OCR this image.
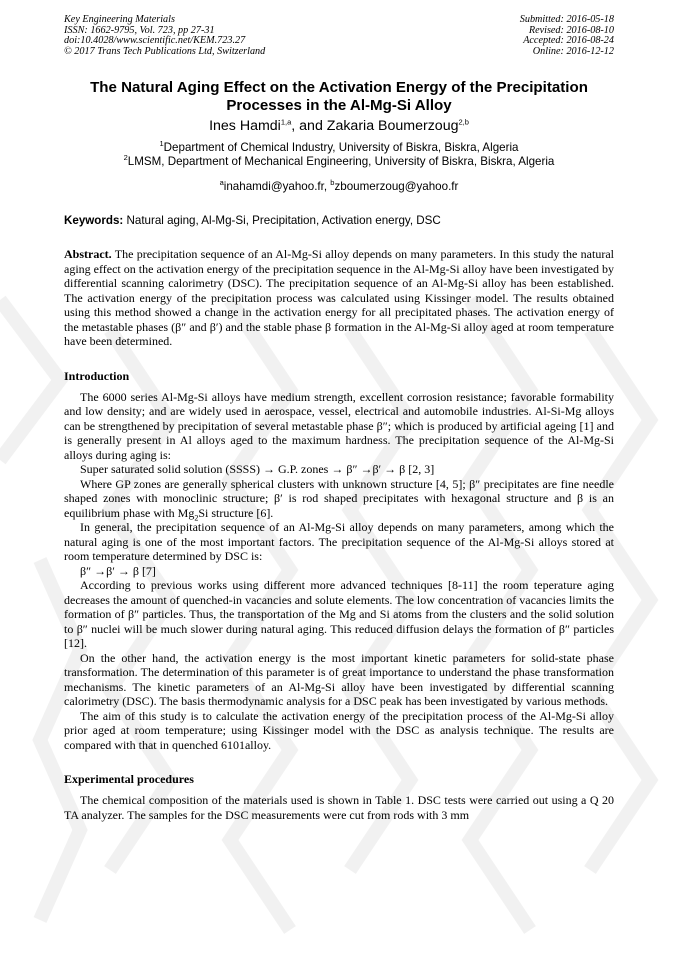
Key Engineering Materials
ISSN: 1662-9795, Vol. 723, pp 27-31
doi:10.4028/www.scientific.net/KEM.723.27
© 2017 Trans Tech Publications Ltd, Switzerland
Submitted: 2016-05-18
Revised: 2016-08-10
Accepted: 2016-08-24
Online: 2016-12-12
The Natural Aging Effect on the Activation Energy of the Precipitation
Processes in the Al-Mg-Si Alloy
Ines Hamdi$^{1,a}$, and Zakaria Boumerzoug$^{2,b}$
$^1$Department of Chemical Industry, University of Biskra, Biskra, Algeria
$^2$LMSM, Department of Mechanical Engineering, University of Biskra, Biskra, Algeria
$^a$inahamdi@yahoo.fr, $^b$zboumerzoug@yahoo.fr
Keywords: Natural aging, Al-Mg-Si, Precipitation, Activation energy, DSC
Abstract. The precipitation sequence of an Al-Mg-Si alloy depends on many parameters. In this study the natural aging effect on the activation energy of the precipitation sequence in the Al-Mg-Si alloy have been investigated by differential scanning calorimetry (DSC). The precipitation sequence of an Al-Mg-Si alloy has been established. The activation energy of the precipitation process was calculated using Kissinger model. The results obtained using this method showed a change in the activation energy for all precipitated phases. The activation energy of the metastable phases (β″ and β′) and the stable phase β formation in the Al-Mg-Si alloy aged at room temperature have been determined.
Introduction
The 6000 series Al-Mg-Si alloys have medium strength, excellent corrosion resistance; favorable formability and low density; and are widely used in aerospace, vessel, electrical and automobile industries. Al-Si-Mg alloys can be strengthened by precipitation of several metastable phase β″; which is produced by artificial ageing [1] and is generally present in Al alloys aged to the maximum hardness. The precipitation sequence of the Al-Mg-Si alloys during aging is:
Super saturated solid solution (SSSS) → G.P. zones → β″ →β′ → β [2, 3]
Where GP zones are generally spherical clusters with unknown structure [4, 5]; β″ precipitates are fine needle shaped zones with monoclinic structure; β′ is rod shaped precipitates with hexagonal structure and β is an equilibrium phase with $Mg_2Si$ structure [6].
In general, the precipitation sequence of an Al-Mg-Si alloy depends on many parameters, among which the natural aging is one of the most important factors. The precipitation sequence of the Al-Mg-Si alloys stored at room temperature determined by DSC is:
β″ →β′ → β [7]
According to previous works using different more advanced techniques [8-11] the room teperature aging decreases the amount of quenched-in vacancies and solute elements. The low concentration of vacancies limits the formation of β″ particles. Thus, the transportation of the Mg and Si atoms from the clusters and the solid solution to β″ nuclei will be much slower during natural aging. This reduced diffusion delays the formation of β″ particles [12].
On the other hand, the activation energy is the most important kinetic parameters for solid-state phase transformation. The determination of this parameter is of great importance to understand the phase transformation mechanisms. The kinetic parameters of an Al-Mg-Si alloy have been investigated by differential scanning calorimetry (DSC). The basis thermodynamic analysis for a DSC peak has been investigated by various methods.
The aim of this study is to calculate the activation energy of the precipitation process of the Al-Mg-Si alloy prior aged at room temperature; using Kissinger model with the DSC as analysis technique. The results are compared with that in quenched 6101alloy.
Experimental procedures
The chemical composition of the materials used is shown in Table 1. DSC tests were carried out using a Q 20 TA analyzer. The samples for the DSC measurements were cut from rods with 3 mm
